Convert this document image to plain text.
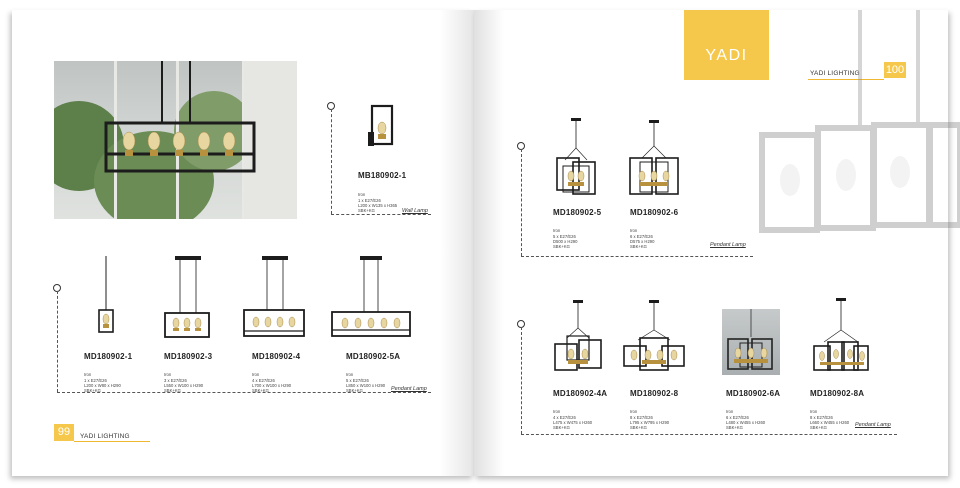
MB180902-1

Iron
1 x E27/E26
L200 x W135 x H365
SBK+KG	Wall Lamp
MD180902-1

Iron
1 x E27/E26
L200 x W80 x H290
SBK+KG

MD180902-3

Iron
3 x E27/E26
L550 x W100 x H290
SBK+KG

MD180902-4

Iron
4 x E27/E26
L700 x W100 x H290
SBK+KG

MD180902-5A

Iron
5 x E27/E26
L850 x W100 x H290
SBK+KG	Pendant Lamp
99	YADI LIGHTING
YADI
YADI LIGHTING 100
MD180902-5

Iron
5 x E27/E26
D500 x H290
SBK+KG

MD180902-6

Iron
6 x E27/E26
D575 x H290
SBK+KG	Pendant Lamp
MD180902-4A

Iron
4 x E27/E26
L475 x W475 x H260
SBK+KG

MD180902-8

Iron
8 x E27/E26
L795 x W795 x H290
SBK+KG

MD180902-6A

Iron
6 x E27/E26
L480 x W455 x H260
SBK+KG

MD180902-8A

Iron
8 x E27/E26
L660 x W455 x H260
SBK+KG	Pendant Lamp
